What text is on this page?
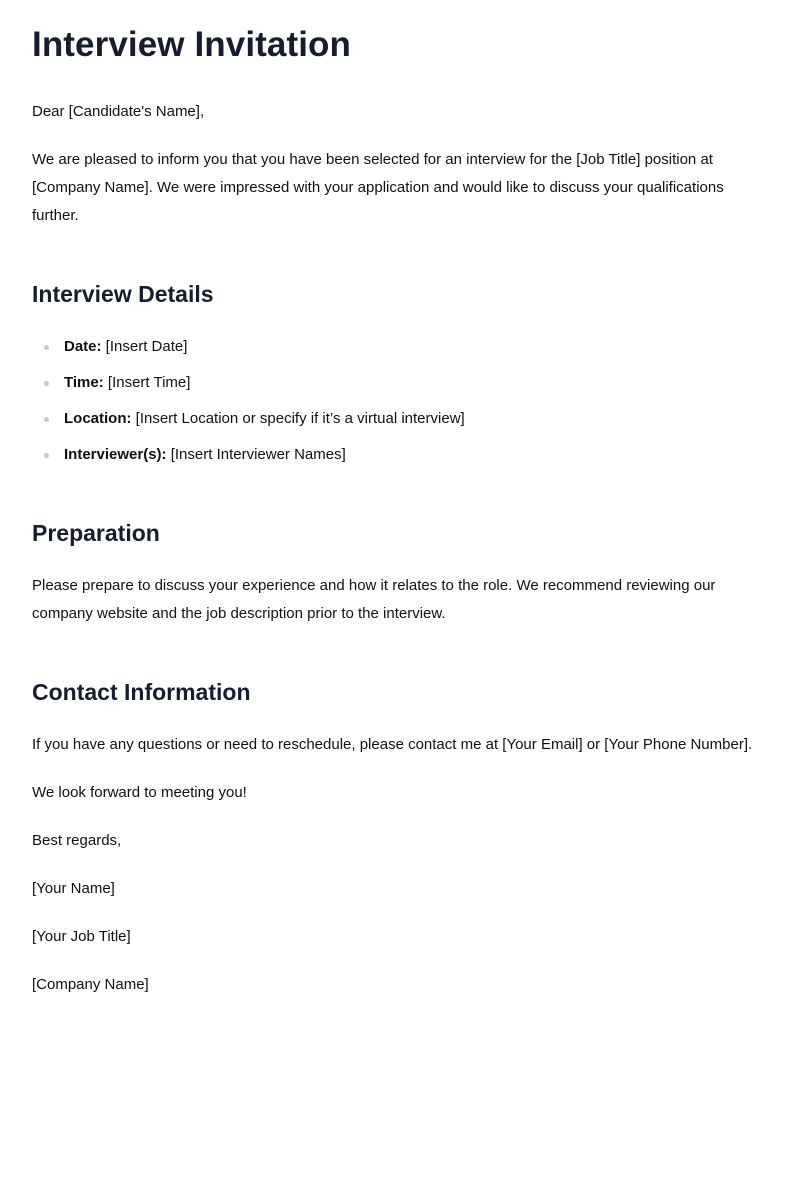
Interview Invitation

Dear [Candidate's Name],

We are pleased to inform you that you have been selected for an interview for the [Job Title] position at [Company Name]. We were impressed with your application and would like to discuss your qualifications further.

Interview Details
Date: [Insert Date]
Time: [Insert Time]
Location: [Insert Location or specify if it’s a virtual interview]
Interviewer(s): [Insert Interviewer Names]
Preparation

Please prepare to discuss your experience and how it relates to the role. We recommend reviewing our company website and the job description prior to the interview.

Contact Information

If you have any questions or need to reschedule, please contact me at [Your Email] or [Your Phone Number].

We look forward to meeting you!

Best regards,

[Your Name]

[Your Job Title]

[Company Name]
